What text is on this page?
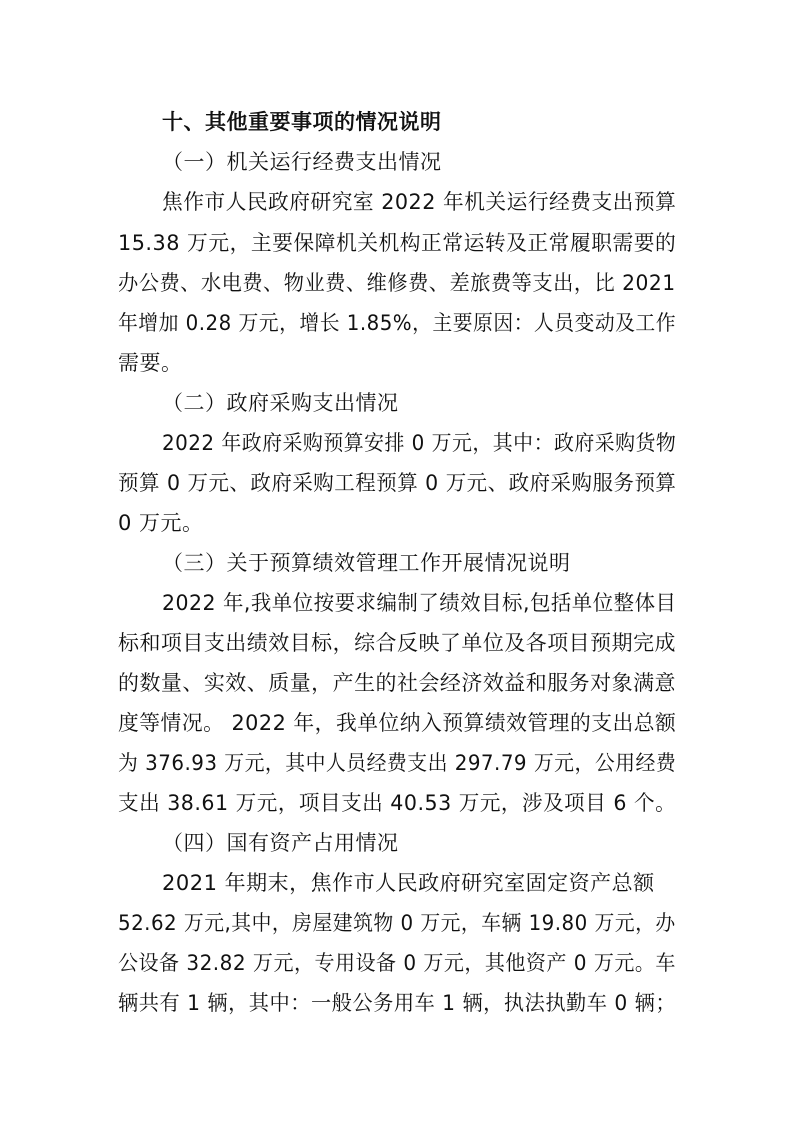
十、其他重要事项的情况说明
（一）机关运行经费支出情况
焦作市人民政府研究室 2022 年机关运行经费支出预算
15.38 万元，主要保障机关机构正常运转及正常履职需要的
办公费、水电费、物业费、维修费、差旅费等支出，比 2021
年增加 0.28 万元，增长 1.85%，主要原因：人员变动及工作
需要。
（二）政府采购支出情况
2022 年政府采购预算安排 0 万元，其中：政府采购货物
预算 0 万元、政府采购工程预算 0 万元、政府采购服务预算
0 万元。
（三）关于预算绩效管理工作开展情况说明
2022 年,我单位按要求编制了绩效目标,包括单位整体目
标和项目支出绩效目标，综合反映了单位及各项目预期完成
的数量、实效、质量，产生的社会经济效益和服务对象满意
度等情况。 2022 年，我单位纳入预算绩效管理的支出总额
为 376.93 万元，其中人员经费支出 297.79 万元，公用经费
支出 38.61 万元，项目支出 40.53 万元，涉及项目 6 个。
（四）国有资产占用情况
2021 年期末，焦作市人民政府研究室固定资产总额
52.62 万元,其中，房屋建筑物 0 万元，车辆 19.80 万元，办
公设备 32.82 万元，专用设备 0 万元，其他资产 0 万元。车
辆共有 1 辆，其中：一般公务用车 1 辆，执法执勤车 0 辆；
